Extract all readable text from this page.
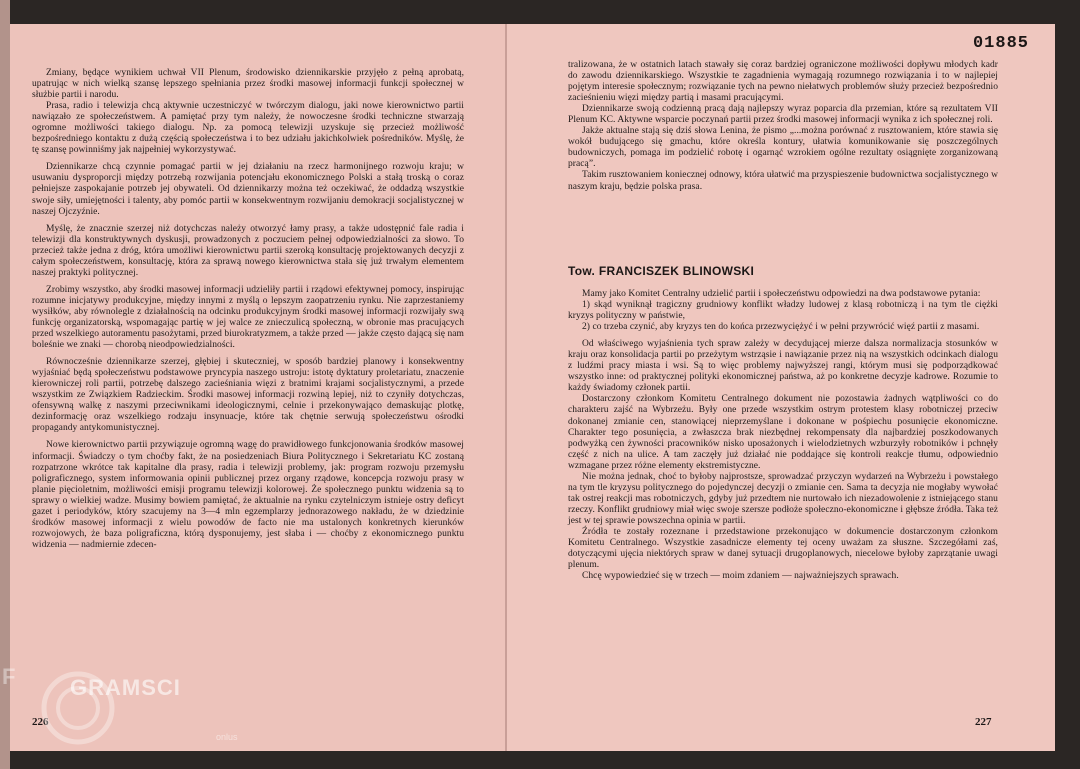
Zmiany, będące wynikiem uchwał VII Plenum, środowisko dziennikarskie przyjęło z pełną aprobatą, upatrując w nich wielką szansę lepszego spełniania przez środki masowej informacji funkcji społecznej w służbie partii i narodu.

Prasa, radio i telewizja chcą aktywnie uczestniczyć w twórczym dialogu, jaki nowe kierownictwo partii nawiązało ze społeczeństwem. A pamiętać przy tym należy, że nowoczesne środki techniczne stwarzają ogromne możliwości takiego dialogu. Np. za pomocą telewizji uzyskuje się przecież możliwość bezpośredniego kontaktu z dużą częścią społeczeństwa i to bez udziału jakichkolwiek pośredników. Myślę, że tę szansę powinniśmy jak najpełniej wykorzystywać.

Dziennikarze chcą czynnie pomagać partii w jej działaniu na rzecz harmonijnego rozwoju kraju; w usuwaniu dysproporcji między potrzebą rozwijania potencjału ekonomicznego Polski a stałą troską o coraz pełniejsze zaspokajanie potrzeb jej obywateli. Od dziennikarzy można też oczekiwać, że oddadzą wszystkie swoje siły, umiejętności i talenty, aby pomóc partii w konsekwentnym rozwijaniu demokracji socjalistycznej w naszej Ojczyźnie.

Myślę, że znacznie szerzej niż dotychczas należy otworzyć łamy prasy, a także udostępnić fale radia i telewizji dla konstruktywnych dyskusji, prowadzonych z poczuciem pełnej odpowiedzialności za słowo. To przecież także jedna z dróg, która umożliwi kierownictwu partii szeroką konsultację projektowanych decyzji z całym społeczeństwem, konsultację, która za sprawą nowego kierownictwa stała się już trwałym elementem naszej praktyki politycznej.

Zrobimy wszystko, aby środki masowej informacji udzieliły partii i rządowi efektywnej pomocy, inspirując rozumne inicjatywy produkcyjne, między innymi z myślą o lepszym zaopatrzeniu rynku. Nie zaprzestaniemy wysiłków, aby równolegle z działalnością na odcinku produkcyjnym środki masowej informacji rozwijały swą funkcję organizatorską, wspomagając partię w jej walce ze znieczulicą społeczną, w obronie mas pracujących przed wszelkiego autoramentu pasożytami, przed biurokratyzmem, a także przed — jakże często dającą się nam boleśnie we znaki — chorobą nieodpowiedzialności.

Równocześnie dziennikarze szerzej, głębiej i skuteczniej, w sposób bardziej planowy i konsekwentny wyjaśniać będą społeczeństwu podstawowe pryncypia naszego ustroju: istotę dyktatury proletariatu, znaczenie kierowniczej roli partii, potrzebę dalszego zacieśniania więzi z bratnimi krajami socjalistycznymi, a przede wszystkim ze Związkiem Radzieckim. Środki masowej informacji rozwiną lepiej, niż to czyniły dotychczas, ofensywną walkę z naszymi przeciwnikami ideologicznymi, celnie i przekonywająco demaskując plotkę, dezinformację oraz wszelkiego rodzaju insynuacje, które tak chętnie serwują społeczeństwu ośrodki propagandy antykomunistycznej.

Nowe kierownictwo partii przywiązuje ogromną wagę do prawidłowego funkcjonowania środków masowej informacji. Świadczy o tym choćby fakt, że na posiedzeniach Biura Politycznego i Sekretariatu KC zostaną rozpatrzone wkrótce tak kapitalne dla prasy, radia i telewizji problemy, jak: program rozwoju przemysłu poligraficznego, system informowania opinii publicznej przez organy rządowe, koncepcja rozwoju prasy w planie pięcioletnim, możliwości emisji programu telewizji kolorowej. Że społecznego punktu widzenia są to sprawy o wielkiej wadze. Musimy bowiem pamiętać, że aktualnie na rynku czytelniczym istnieje ostry deficyt gazet i periodyków, który szacujemy na 3—4 mln egzemplarzy jednorazowego nakładu, że w dziedzinie środków masowej informacji z wielu powodów de facto nie ma ustalonych konkretnych kierunków rozwojowych, że baza poligraficzna, którą dysponujemy, jest słaba i — choćby z ekonomicznego punktu widzenia — nadmiernie zdecen-

226
01885

tralizowana, że w ostatnich latach stawały się coraz bardziej ograniczone możliwości dopływu młodych kadr do zawodu dziennikarskiego. Wszystkie te zagadnienia wymagają rozumnego rozwiązania i to w najlepiej pojętym interesie społecznym; rozwiązanie tych na pewno niełatwych problemów służy przecież bezpośrednio zacieśnieniu więzi między partią i masami pracującymi.

Dziennikarze swoją codzienną pracą dają najlepszy wyraz poparcia dla przemian, które są rezultatem VII Plenum KC. Aktywne wsparcie poczynań partii przez środki masowej informacji wynika z ich społecznej roli.

Jakże aktualne stają się dziś słowa Lenina, że pismo „...można porównać z rusztowaniem, które stawia się wokół budującego się gmachu, które określa kontury, ułatwia komunikowanie się poszczególnych budowniczych, pomaga im podzielić robotę i ogarnąć wzrokiem ogólne rezultaty osiągnięte zorganizowaną pracą”.

Takim rusztowaniem koniecznej odnowy, która ułatwić ma przyspieszenie budownictwa socjalistycznego w naszym kraju, będzie polska prasa.

Tow. FRANCISZEK BLINOWSKI

Mamy jako Komitet Centralny udzielić partii i społeczeństwu odpowiedzi na dwa podstawowe pytania:

1) skąd wyniknął tragiczny grudniowy konflikt władzy ludowej z klasą robotniczą i na tym tle ciężki kryzys polityczny w państwie,

2) co trzeba czynić, aby kryzys ten do końca przezwyciężyć i w pełni przywrócić więź partii z masami.

Od właściwego wyjaśnienia tych spraw zależy w decydującej mierze dalsza normalizacja stosunków w kraju oraz konsolidacja partii po przeżytym wstrząsie i nawiązanie przez nią na wszystkich odcinkach dialogu z ludźmi pracy miasta i wsi. Są to więc problemy najwyższej rangi, którym musi się podporządkować wszystko inne: od praktycznej polityki ekonomicznej państwa, aż po konkretne decyzje kadrowe. Rozumie to każdy świadomy członek partii.

Dostarczony członkom Komitetu Centralnego dokument nie pozostawia żadnych wątpliwości co do charakteru zajść na Wybrzeżu. Były one przede wszystkim ostrym protestem klasy robotniczej przeciw dokonanej zmianie cen, stanowiącej nieprzemyślane i dokonane w pośpiechu posunięcie ekonomiczne. Charakter tego posunięcia, a zwłaszcza brak niezbędnej rekompensaty dla najbardziej poszkodowanych podwyżką cen żywności pracowników nisko uposażonych i wielodzietnych wzburzyły robotników i pchnęły część z nich na ulice. A tam zaczęły już działać nie poddające się kontroli reakcje tłumu, odpowiednio wzmagane przez różne elementy ekstremistyczne.

Nie można jednak, choć to byłoby najprostsze, sprowadzać przyczyn wydarzeń na Wybrzeżu i powstałego na tym tle kryzysu politycznego do pojedynczej decyzji o zmianie cen. Sama ta decyzja nie mogłaby wywołać tak ostrej reakcji mas robotniczych, gdyby już przedtem nie nurtowało ich niezadowolenie z istniejącego stanu rzeczy. Konflikt grudniowy miał więc swoje szersze podłoże społeczno-ekonomiczne i głębsze źródła. Taka też jest w tej sprawie powszechna opinia w partii.

Źródła te zostały rozeznane i przedstawione przekonująco w dokumencie dostarczonym członkom Komitetu Centralnego. Wszystkie zasadnicze elementy tej oceny uważam za słuszne. Szczegółami zaś, dotyczącymi ujęcia niektórych spraw w danej sytuacji drugoplanowych, niecelowe byłoby zaprzątanie uwagi plenum.

Chcę wypowiedzieć się w trzech — moim zdaniem — najważniejszych sprawach.

227
F GRAMSCI
onlus
